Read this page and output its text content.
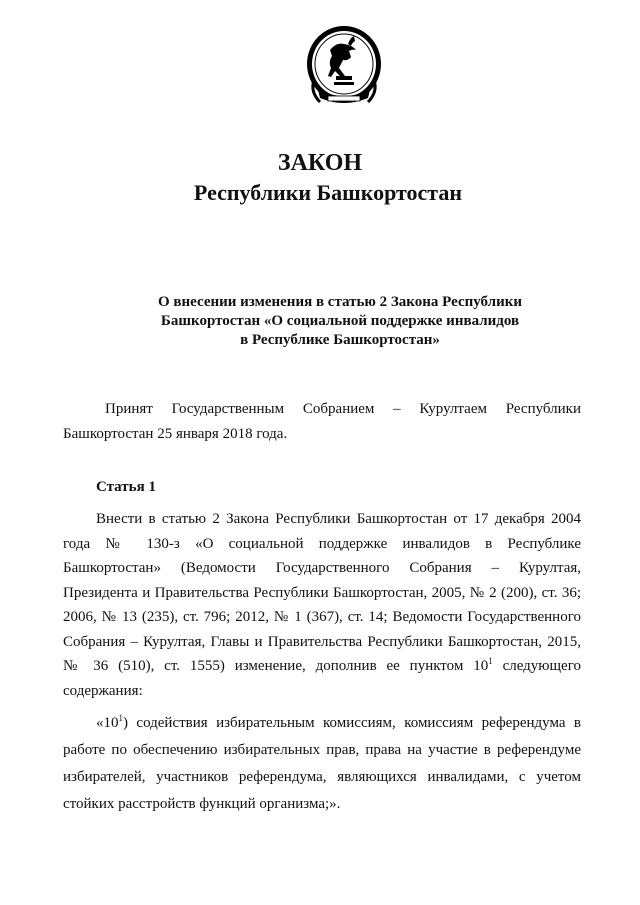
ЗАКОН
Республики Башкортостан
О внесении изменения в статью 2 Закона Республики
Башкортостан «О социальной поддержке инвалидов
в Республике Башкортостан»
Принят Государственным Собранием – Курултаем Республики
Башкортостан 25 января 2018 года.
Статья 1
Внести в статью 2 Закона Республики Башкортостан от 17 декабря 2004
года № 130-з «О социальной поддержке инвалидов в Республике
Башкортостан» (Ведомости Государственного Собрания – Курултая,
Президента и Правительства Республики Башкортостан, 2005, № 2 (200), ст. 36;
2006, № 13 (235), ст. 796; 2012, № 1 (367), ст. 14; Ведомости Государственного
Собрания – Курултая, Главы и Правительства Республики Башкортостан, 2015,
№ 36 (510), ст. 1555) изменение, дополнив ее пунктом $10^1$ следующего
содержания:
«$10^1$) содействия избирательным комиссиям, комиссиям референдума в
работе по обеспечению избирательных прав, права на участие в референдуме
избирателей, участников референдума, являющихся инвалидами, с учетом
стойких расстройств функций организма;».
